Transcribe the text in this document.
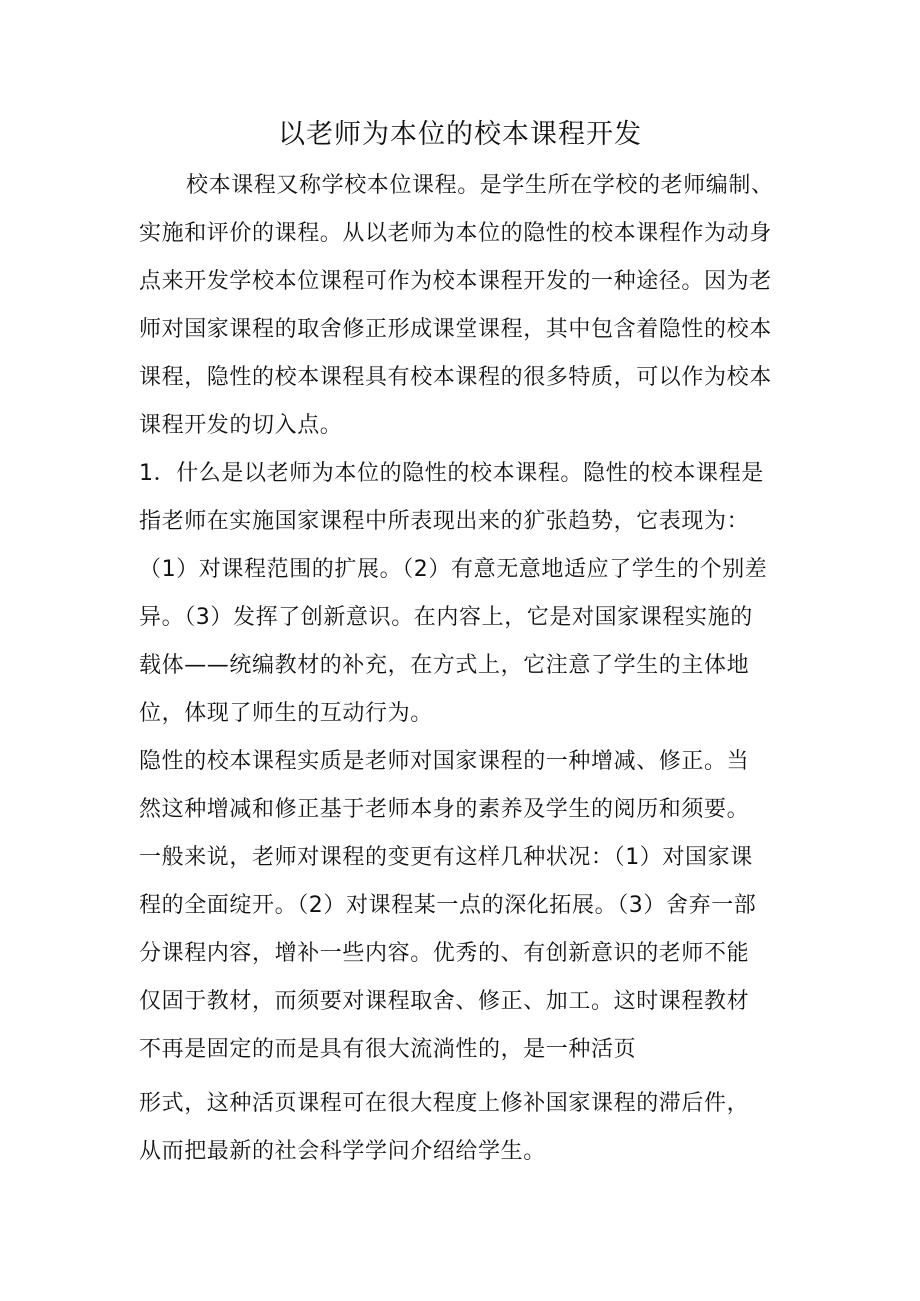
以老师为本位的校本课程开发
校本课程又称学校本位课程。是学生所在学校的老师编制、
实施和评价的课程。从以老师为本位的隐性的校本课程作为动身
点来开发学校本位课程可作为校本课程开发的一种途径。因为老
师对国家课程的取舍修正形成课堂课程，其中包含着隐性的校本
课程，隐性的校本课程具有校本课程的很多特质，可以作为校本
课程开发的切入点。
1．什么是以老师为本位的隐性的校本课程。隐性的校本课程是
指老师在实施国家课程中所表现出来的犷张趋势，它表现为：
（1）对课程范围的扩展。（2）有意无意地适应了学生的个别差
异。（3）发挥了创新意识。在内容上，它是对国家课程实施的
载体——统编教材的补充，在方式上，它注意了学生的主体地
位，体现了师生的互动行为。
隐性的校本课程实质是老师对国家课程的一种增减、修正。当
然这种增减和修正基于老师本身的素养及学生的阅历和须要。
一般来说，老师对课程的变更有这样几种状况：（1）对国家课
程的全面绽开。（2）对课程某一点的深化拓展。（3）舍弃一部
分课程内容，增补一些内容。优秀的、有创新意识的老师不能
仅固于教材，而须要对课程取舍、修正、加工。这时课程教材
不再是固定的而是具有很大流淌性的，是一种活页
形式，这种活页课程可在很大程度上修补国家课程的滞后件，
从而把最新的社会科学学问介绍给学生。
